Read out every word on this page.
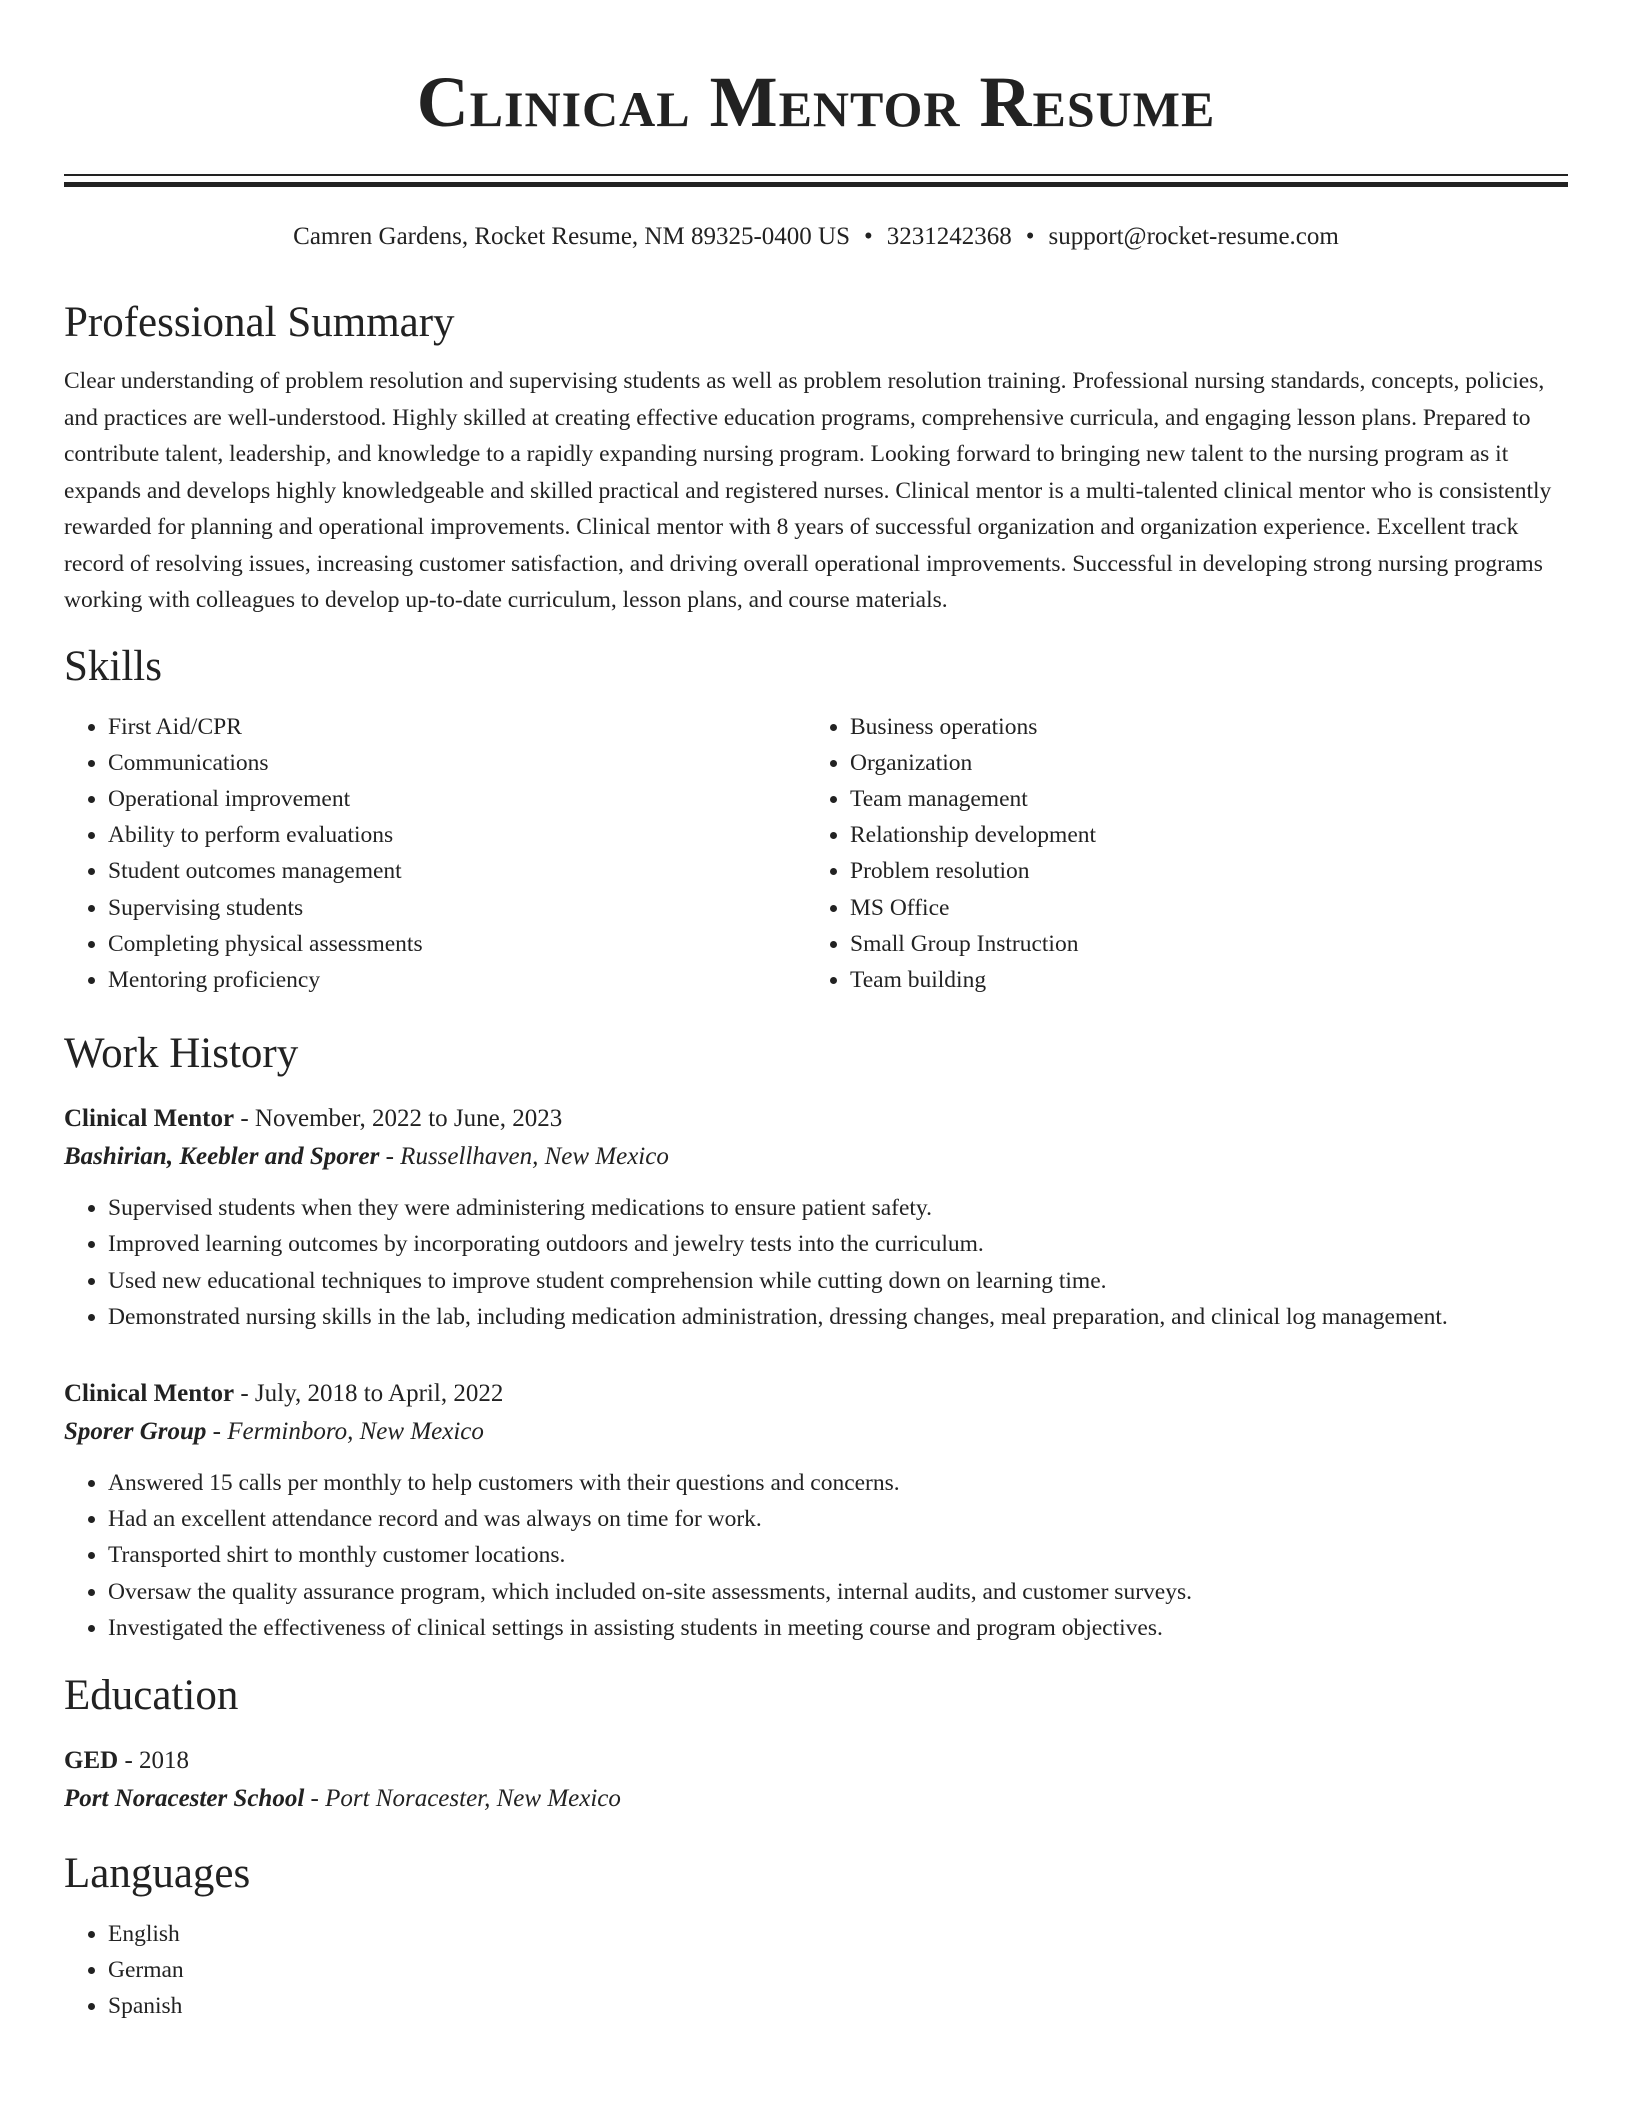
Clinical Mentor Resume
Camren Gardens, Rocket Resume, NM 89325-0400 US • 3231242368 • support@rocket-resume.com
Professional Summary
Clear understanding of problem resolution and supervising students as well as problem resolution training. Professional nursing standards, concepts, policies, and practices are well-understood. Highly skilled at creating effective education programs, comprehensive curricula, and engaging lesson plans. Prepared to contribute talent, leadership, and knowledge to a rapidly expanding nursing program. Looking forward to bringing new talent to the nursing program as it expands and develops highly knowledgeable and skilled practical and registered nurses. Clinical mentor is a multi-talented clinical mentor who is consistently rewarded for planning and operational improvements. Clinical mentor with 8 years of successful organization and organization experience. Excellent track record of resolving issues, increasing customer satisfaction, and driving overall operational improvements. Successful in developing strong nursing programs working with colleagues to develop up-to-date curriculum, lesson plans, and course materials.
Skills
• First Aid/CPR
• Communications
• Operational improvement
• Ability to perform evaluations
• Student outcomes management
• Supervising students
• Completing physical assessments
• Mentoring proficiency
• Business operations
• Organization
• Team management
• Relationship development
• Problem resolution
• MS Office
• Small Group Instruction
• Team building
Work History
Clinical Mentor - November, 2022 to June, 2023
Bashirian, Keebler and Sporer - Russellhaven, New Mexico
• Supervised students when they were administering medications to ensure patient safety.
• Improved learning outcomes by incorporating outdoors and jewelry tests into the curriculum.
• Used new educational techniques to improve student comprehension while cutting down on learning time.
• Demonstrated nursing skills in the lab, including medication administration, dressing changes, meal preparation, and clinical log management.
Clinical Mentor - July, 2018 to April, 2022
Sporer Group - Ferminboro, New Mexico
• Answered 15 calls per monthly to help customers with their questions and concerns.
• Had an excellent attendance record and was always on time for work.
• Transported shirt to monthly customer locations.
• Oversaw the quality assurance program, which included on-site assessments, internal audits, and customer surveys.
• Investigated the effectiveness of clinical settings in assisting students in meeting course and program objectives.
Education
GED - 2018
Port Noracester School - Port Noracester, New Mexico
Languages
• English
• German
• Spanish
